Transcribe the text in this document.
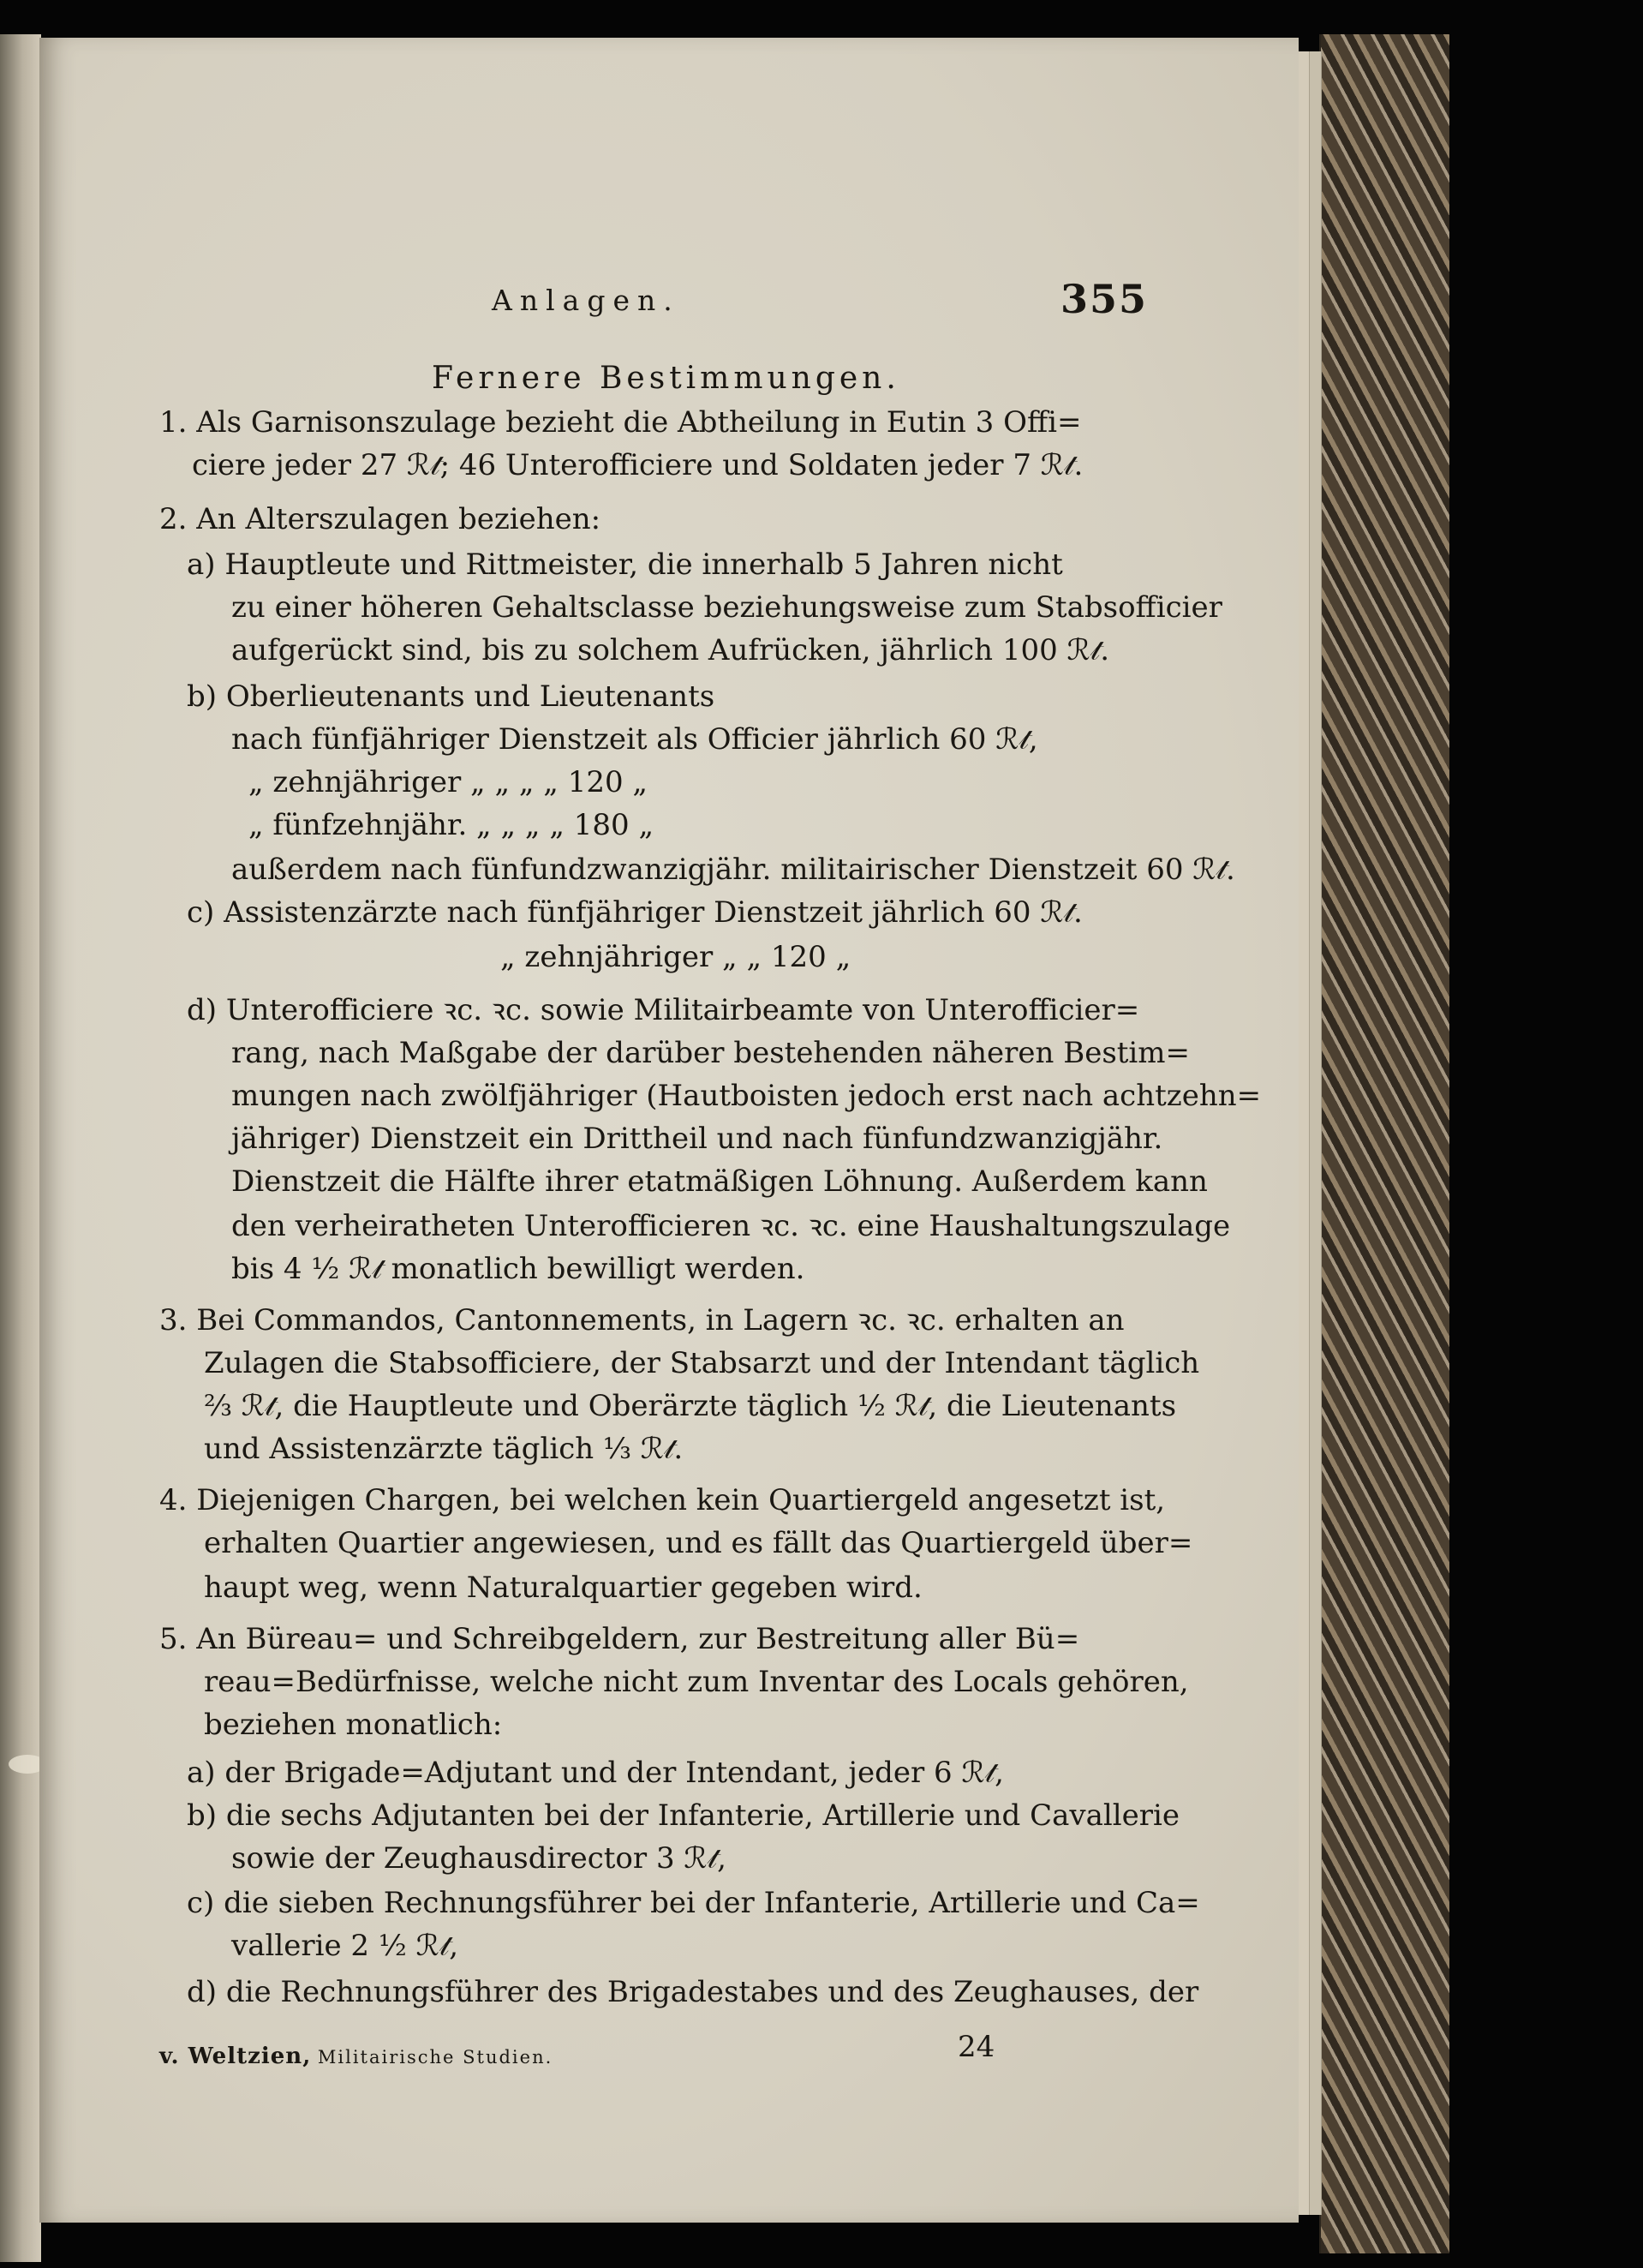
Anlagen.	355
Fernere Bestimmungen.
1. Als Garnisonszulage bezieht die Abtheilung in Eutin 3 Offi=
ciere jeder 27 ℛ𝓉; 46 Unterofficiere und Soldaten jeder 7 ℛ𝓉.
2. An Alterszulagen beziehen:
a) Hauptleute und Rittmeister, die innerhalb 5 Jahren nicht
zu einer höheren Gehaltsclasse beziehungsweise zum Stabsofficier
aufgerückt sind, bis zu solchem Aufrücken, jährlich 100 ℛ𝓉.
b) Oberlieutenants und Lieutenants
nach fünfjähriger Dienstzeit als Officier jährlich 60 ℛ𝓉,
„ zehnjähriger „ „ „ „ 120 „
„ fünfzehnjähr. „ „ „ „ 180 „
außerdem nach fünfundzwanzigjähr. militairischer Dienstzeit 60 ℛ𝓉.
c) Assistenzärzte nach fünfjähriger Dienstzeit jährlich 60 ℛ𝓉.
„ zehnjähriger „ „ 120 „
d) Unterofficiere ꝛc. ꝛc. sowie Militairbeamte von Unterofficier=
rang, nach Maßgabe der darüber bestehenden näheren Bestim=
mungen nach zwölfjähriger (Hautboisten jedoch erst nach achtzehn=
jähriger) Dienstzeit ein Drittheil und nach fünfundzwanzigjähr.
Dienstzeit die Hälfte ihrer etatmäßigen Löhnung. Außerdem kann
den verheiratheten Unterofficieren ꝛc. ꝛc. eine Haushaltungszulage
bis 4 ½ ℛ𝓉 monatlich bewilligt werden.
3. Bei Commandos, Cantonnements, in Lagern ꝛc. ꝛc. erhalten an
Zulagen die Stabsofficiere, der Stabsarzt und der Intendant täglich
⅔ ℛ𝓉, die Hauptleute und Oberärzte täglich ½ ℛ𝓉, die Lieutenants
und Assistenzärzte täglich ⅓ ℛ𝓉.
4. Diejenigen Chargen, bei welchen kein Quartiergeld angesetzt ist,
erhalten Quartier angewiesen, und es fällt das Quartiergeld über=
haupt weg, wenn Naturalquartier gegeben wird.
5. An Büreau= und Schreibgeldern, zur Bestreitung aller Bü=
reau=Bedürfnisse, welche nicht zum Inventar des Locals gehören,
beziehen monatlich:
a) der Brigade=Adjutant und der Intendant, jeder 6 ℛ𝓉,
b) die sechs Adjutanten bei der Infanterie, Artillerie und Cavallerie
sowie der Zeughausdirector 3 ℛ𝓉,
c) die sieben Rechnungsführer bei der Infanterie, Artillerie und Ca=
vallerie 2 ½ ℛ𝓉,
d) die Rechnungsführer des Brigadestabes und des Zeughauses, der
v. Weltzien, Militairische Studien.	24
